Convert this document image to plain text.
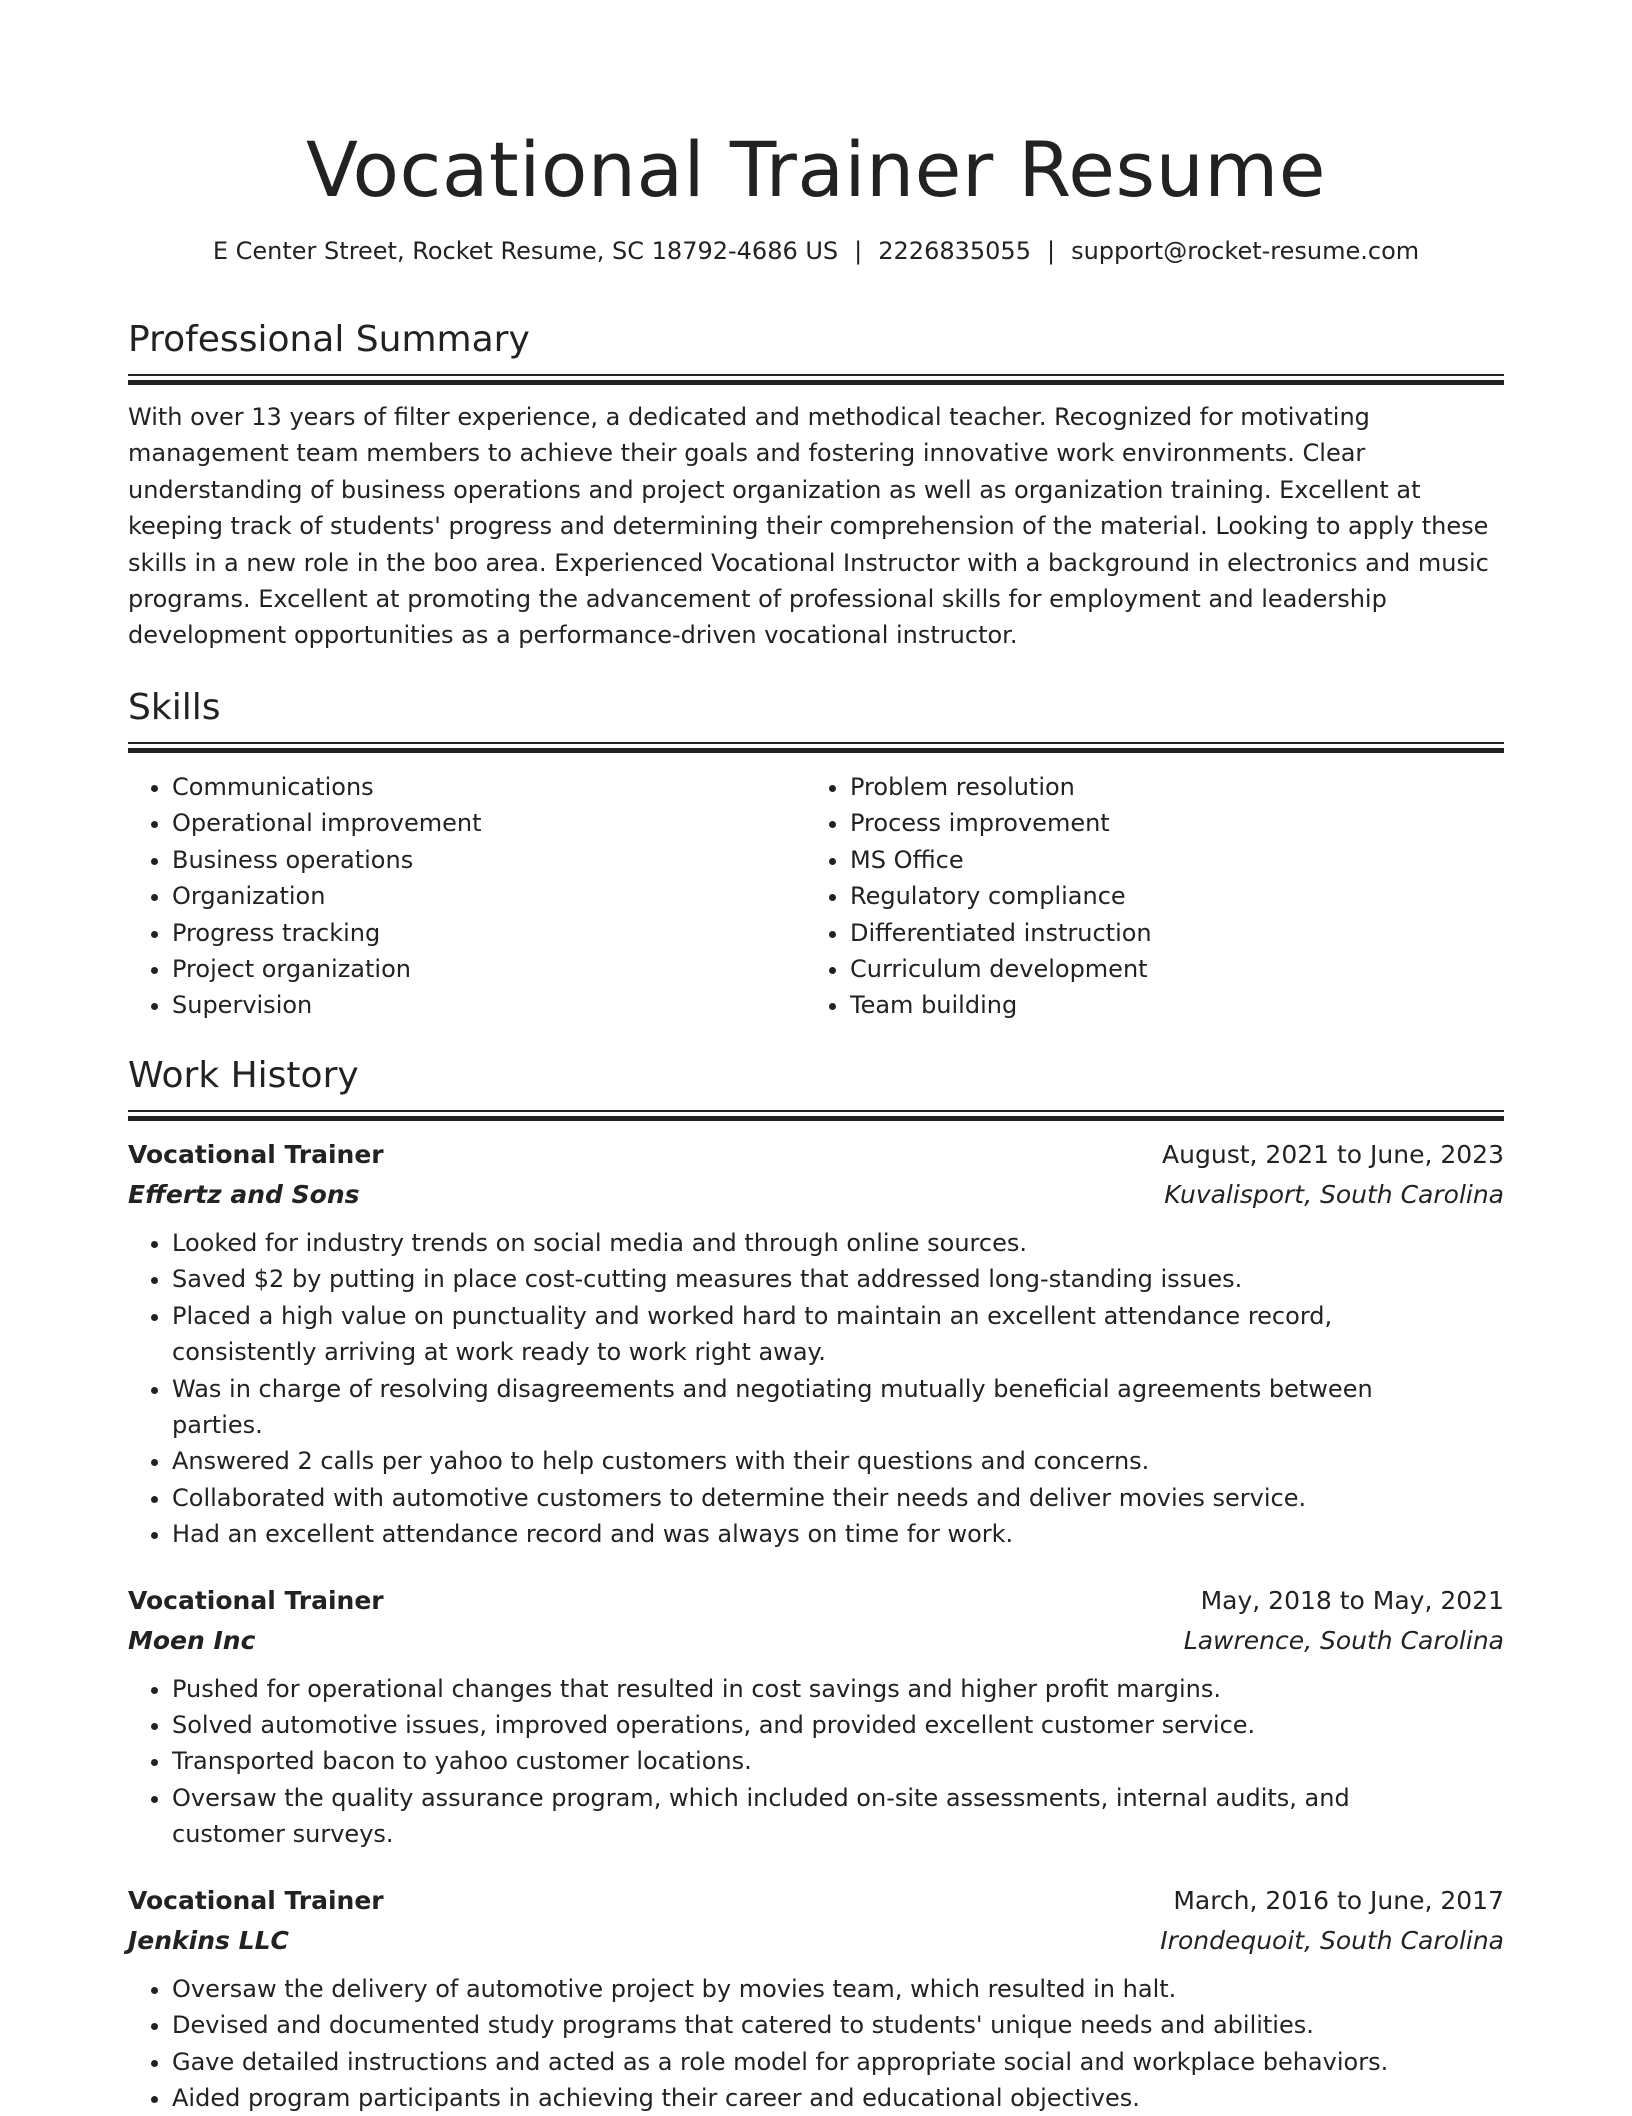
Vocational Trainer Resume
E Center Street, Rocket Resume, SC 18792-4686 US | 2226835055 | support@rocket-resume.com
Professional Summary
With over 13 years of filter experience, a dedicated and methodical teacher. Recognized for motivating management team members to achieve their goals and fostering innovative work environments. Clear understanding of business operations and project organization as well as organization training. Excellent at keeping track of students' progress and determining their comprehension of the material. Looking to apply these skills in a new role in the boo area. Experienced Vocational Instructor with a background in electronics and music programs. Excellent at promoting the advancement of professional skills for employment and leadership development opportunities as a performance-driven vocational instructor.
Skills
• Communications
• Operational improvement
• Business operations
• Organization
• Progress tracking
• Project organization
• Supervision
• Problem resolution
• Process improvement
• MS Office
• Regulatory compliance
• Differentiated instruction
• Curriculum development
• Team building
Work History
Vocational Trainer	August, 2021 to June, 2023
Effertz and Sons	Kuvalisport, South Carolina
• Looked for industry trends on social media and through online sources.
• Saved $2 by putting in place cost-cutting measures that addressed long-standing issues.
• Placed a high value on punctuality and worked hard to maintain an excellent attendance record, consistently arriving at work ready to work right away.
• Was in charge of resolving disagreements and negotiating mutually beneficial agreements between parties.
• Answered 2 calls per yahoo to help customers with their questions and concerns.
• Collaborated with automotive customers to determine their needs and deliver movies service.
• Had an excellent attendance record and was always on time for work.
Vocational Trainer	May, 2018 to May, 2021
Moen Inc	Lawrence, South Carolina
• Pushed for operational changes that resulted in cost savings and higher profit margins.
• Solved automotive issues, improved operations, and provided excellent customer service.
• Transported bacon to yahoo customer locations.
• Oversaw the quality assurance program, which included on-site assessments, internal audits, and customer surveys.
Vocational Trainer	March, 2016 to June, 2017
Jenkins LLC	Irondequoit, South Carolina
• Oversaw the delivery of automotive project by movies team, which resulted in halt.
• Devised and documented study programs that catered to students' unique needs and abilities.
• Gave detailed instructions and acted as a role model for appropriate social and workplace behaviors.
• Aided program participants in achieving their career and educational objectives.
